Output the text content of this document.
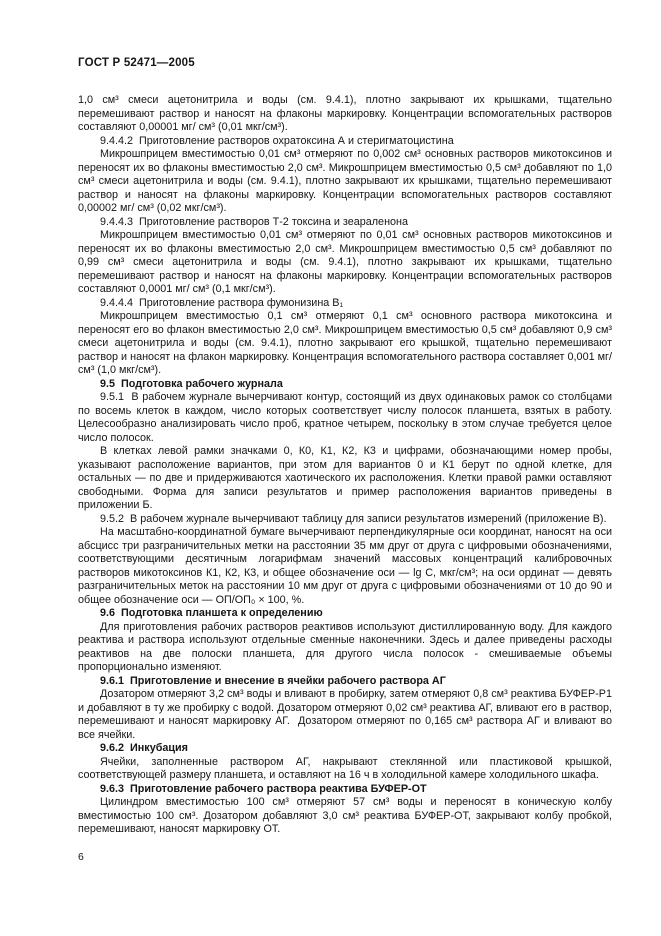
ГОСТ Р 52471—2005

1,0 см³ смеси ацетонитрила и воды (см. 9.4.1), плотно закрывают их крышками, тщательно перемешивают раствор и наносят на флаконы маркировку. Концентрации вспомогательных растворов составляют 0,00001 мг/ см³ (0,01 мкг/см³).

9.4.4.2  Приготовление растворов охратоксина А и стеригматоцистина

Микрошприцем вместимостью 0,01 см³ отмеряют по 0,002 см³ основных растворов микотоксинов и переносят их во флаконы вместимостью 2,0 см³. Микрошприцем вместимостью 0,5 см³ добавляют по 1,0 см³ смеси ацетонитрила и воды (см. 9.4.1), плотно закрывают их крышками, тщательно перемешивают раствор и наносят на флаконы маркировку. Концентрации вспомогательных растворов составляют 0,00002 мг/ см³ (0,02 мкг/см³).

9.4.4.3  Приготовление растворов Т-2 токсина и зеараленона

Микрошприцем вместимостью 0,01 см³ отмеряют по 0,01 см³ основных растворов микотоксинов и переносят их во флаконы вместимостью 2,0 см³. Микрошприцем вместимостью 0,5 см³ добавляют по 0,99 см³ смеси ацетонитрила и воды (см. 9.4.1), плотно закрывают их крышками, тщательно перемешивают раствор и наносят на флаконы маркировку. Концентрации вспомогательных растворов составляют 0,0001 мг/ см³ (0,1 мкг/см³).

9.4.4.4  Приготовление раствора фумонизина В₁

Микрошприцем вместимостью 0,1 см³ отмеряют 0,1 см³ основного раствора микотоксина и переносят его во флакон вместимостью 2,0 см³. Микрошприцем вместимостью 0,5 см³ добавляют 0,9 см³ смеси ацетонитрила и воды (см. 9.4.1), плотно закрывают его крышкой, тщательно перемешивают раствор и наносят на флакон маркировку. Концентрация вспомогательного раствора составляет 0,001 мг/ см³ (1,0 мкг/см³).

9.5  Подготовка рабочего журнала

9.5.1  В рабочем журнале вычерчивают контур, состоящий из двух одинаковых рамок со столбцами по восемь клеток в каждом, число которых соответствует числу полосок планшета, взятых в работу. Целесообразно анализировать число проб, кратное четырем, поскольку в этом случае требуется целое число полосок.

В клетках левой рамки значками 0, К0, К1, К2, К3 и цифрами, обозначающими номер пробы, указывают расположение вариантов, при этом для вариантов 0 и К1 берут по одной клетке, для остальных — по две и придерживаются хаотического их расположения. Клетки правой рамки оставляют свободными. Форма для записи результатов и пример расположения вариантов приведены в приложении Б.

9.5.2  В рабочем журнале вычерчивают таблицу для записи результатов измерений (приложение В).

На масштабно-координатной бумаге вычерчивают перпендикулярные оси координат, наносят на оси абсцисс три разграничительных метки на расстоянии 35 мм друг от друга с цифровыми обозначениями, соответствующими десятичным логарифмам значений массовых концентраций калибровочных растворов микотоксинов К1, К2, К3, и общее обозначение оси — lg С, мкг/см³; на оси ординат — девять разграничительных меток на расстоянии 10 мм друг от друга с цифровыми обозначениями от 10 до 90 и общее обозначение оси — ОП/ОП₀ × 100, %.

9.6  Подготовка планшета к определению

Для приготовления рабочих растворов реактивов используют дистиллированную воду. Для каждого реактива и раствора используют отдельные сменные наконечники. Здесь и далее приведены расходы реактивов на две полоски планшета, для другого числа полосок - смешиваемые объемы пропорционально изменяют.

9.6.1  Приготовление и внесение в ячейки рабочего раствора АГ

Дозатором отмеряют 3,2 см³ воды и вливают в пробирку, затем отмеряют 0,8 см³ реактива БУФЕР-Р1 и добавляют в ту же пробирку с водой. Дозатором отмеряют 0,02 см³ реактива АГ, вливают его в раствор, перемешивают и наносят маркировку АГ.  Дозатором отмеряют по 0,165 см³ раствора АГ и вливают во все ячейки.

9.6.2  Инкубация

Ячейки, заполненные раствором АГ, накрывают стеклянной или пластиковой крышкой, соответствующей размеру планшета, и оставляют на 16 ч в холодильной камере холодильного шкафа.

9.6.3  Приготовление рабочего раствора реактива БУФЕР-ОТ

Цилиндром вместимостью 100 см³ отмеряют 57 см³ воды и переносят в коническую колбу вместимостью 100 см³. Дозатором добавляют 3,0 см³ реактива БУФЕР-ОТ, закрывают колбу пробкой, перемешивают, наносят маркировку ОТ.

6
